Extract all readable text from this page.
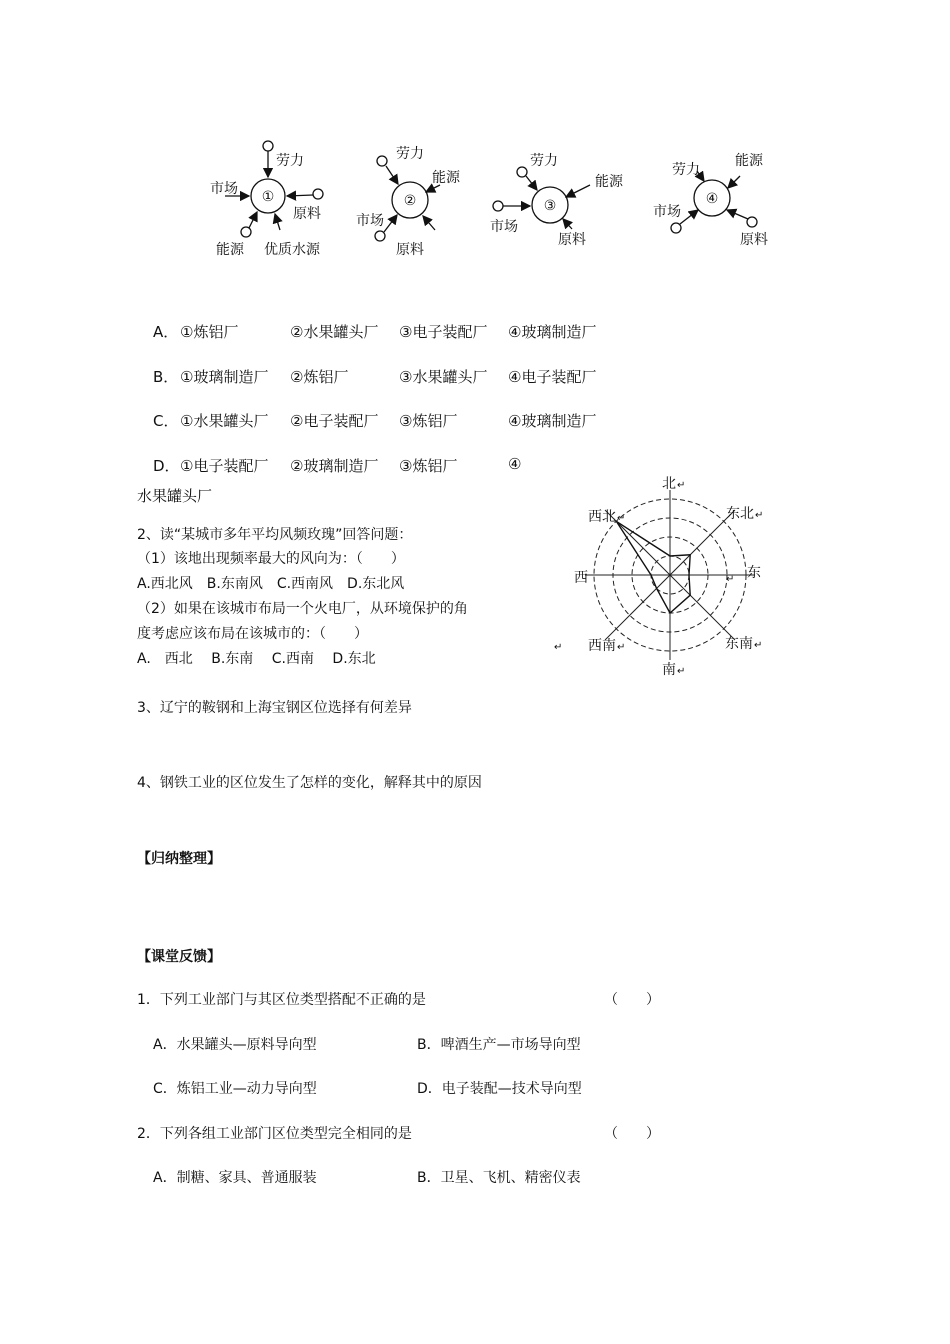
①
劳力
市场
原料
能源 优质水源
②
劳力
能源
市场
原料
③
劳力
能源
市场
原料
④
劳力
能源
市场
原料
A． ①炼铝厂	②水果罐头厂 ③电子装配厂 ④玻璃制造厂
B． ①玻璃制造厂 ②炼铝厂	③水果罐头厂 ④电子装配厂
C． ①水果罐头厂 ②电子装配厂 ③炼铝厂	④玻璃制造厂
D． ①电子装配厂 ②玻璃制造厂 ③炼铝厂	④
水果罐头厂
2、读“某城市多年平均风频玫瑰”回答问题：
（1）该地出现频率最大的风向为：（　　）
A.西北风　B.东南风　C.西南风　D.东北风
（2）如果在该城市布局一个火电厂，从环境保护的角
度考虑应该布局在该城市的：（　　）
A.　西北　 B.东南　 C.西南　 D.东北
北 ↵
东北 ↵
东
↵
东南 ↵
南 ↵
西南 ↵
西
西北 ↵
↵
3、辽宁的鞍钢和上海宝钢区位选择有何差异
4、钢铁工业的区位发生了怎样的变化，解释其中的原因
【归纳整理】
【课堂反馈】
1．下列工业部门与其区位类型搭配不正确的是	（　　）
A．水果罐头—原料导向型	B．啤酒生产—市场导向型
C．炼铝工业—动力导向型	D．电子装配—技术导向型
2．下列各组工业部门区位类型完全相同的是	（　　）
A．制糖、家具、普通服装	B．卫星、飞机、精密仪表
